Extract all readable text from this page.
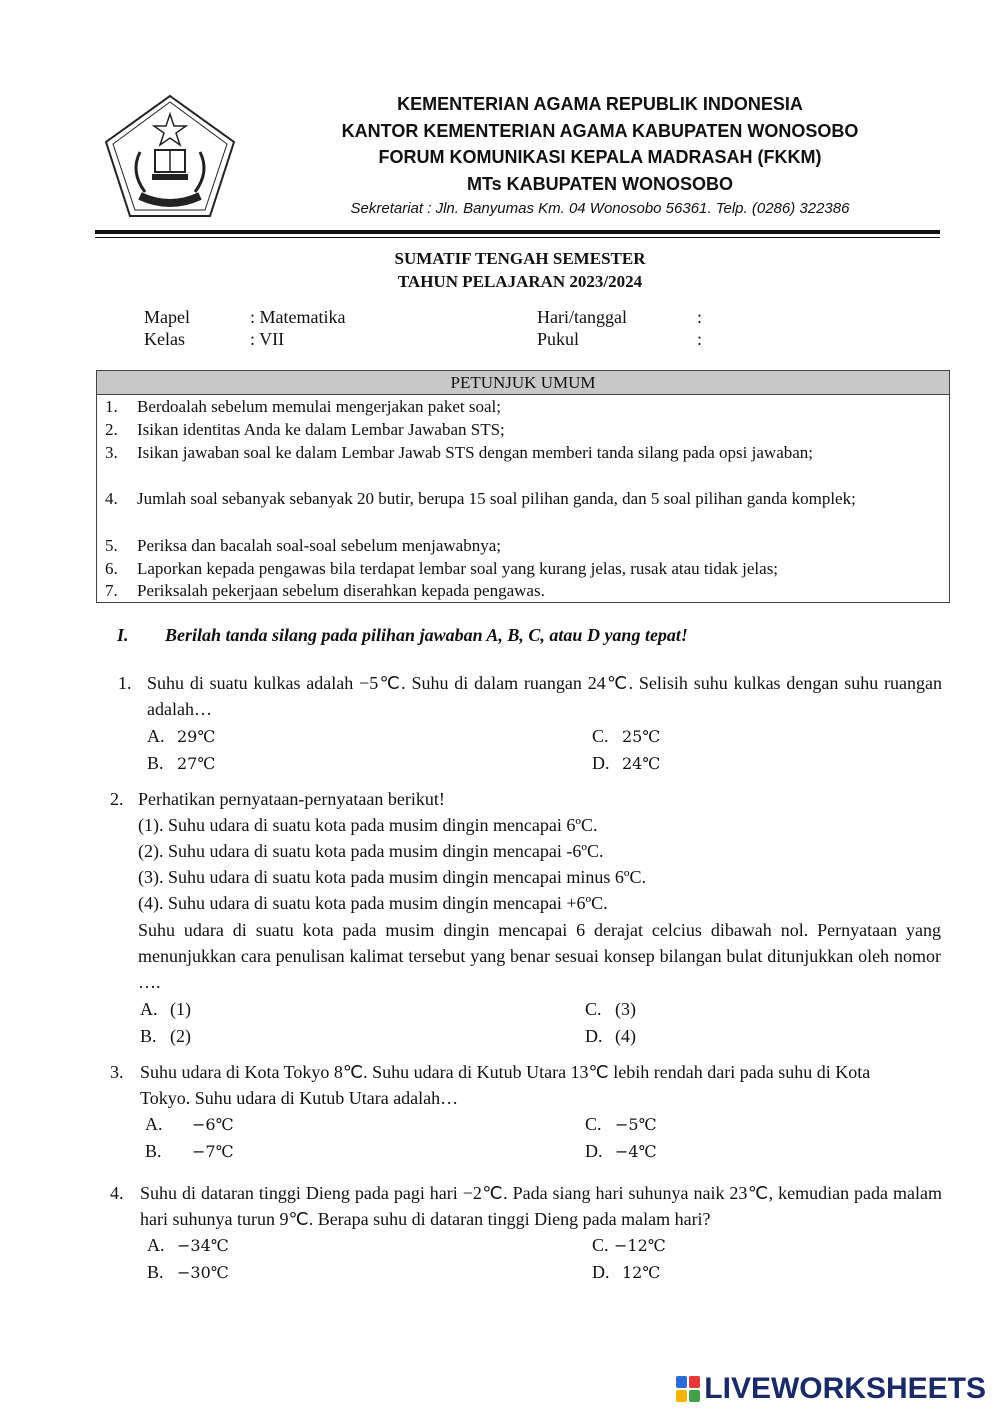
KEMENTERIAN AGAMA REPUBLIK INDONESIA
KANTOR KEMENTERIAN AGAMA KABUPATEN WONOSOBO
FORUM KOMUNIKASI KEPALA MADRASAH (FKKM)
MTs KABUPATEN WONOSOBO
Sekretariat : Jln. Banyumas Km. 04 Wonosobo 56361. Telp. (0286) 322386
SUMATIF TENGAH SEMESTER
TAHUN PELAJARAN 2023/2024
Mapel	: Matematika	Hari/tanggal	:
Kelas	: VII	Pukul	:
PETUNJUK UMUM
1. Berdoalah sebelum memulai mengerjakan paket soal;
2. Isikan identitas Anda ke dalam Lembar Jawaban STS;
3. Isikan jawaban soal ke dalam Lembar Jawab STS dengan memberi tanda silang pada opsi jawaban;
4. Jumlah soal sebanyak sebanyak 20 butir, berupa 15 soal pilihan ganda, dan 5 soal pilihan ganda komplek;
5. Periksa dan bacalah soal-soal sebelum menjawabnya;
6. Laporkan kepada pengawas bila terdapat lembar soal yang kurang jelas, rusak atau tidak jelas;
7. Periksalah pekerjaan sebelum diserahkan kepada pengawas.
I. Berilah tanda silang pada pilihan jawaban A, B, C, atau D yang tepat!
1. Suhu di suatu kulkas adalah −5℃. Suhu di dalam ruangan 24℃. Selisih suhu kulkas dengan suhu ruangan adalah…
A. 29℃
B. 27℃
C. 25℃
D. 24℃
2. Perhatikan pernyataan-pernyataan berikut!
(1). Suhu udara di suatu kota pada musim dingin mencapai 6ºC.
(2). Suhu udara di suatu kota pada musim dingin mencapai -6ºC.
(3). Suhu udara di suatu kota pada musim dingin mencapai minus 6ºC.
(4). Suhu udara di suatu kota pada musim dingin mencapai +6ºC.
Suhu udara di suatu kota pada musim dingin mencapai 6 derajat celcius dibawah nol. Pernyataan yang menunjukkan cara penulisan kalimat tersebut yang benar sesuai konsep bilangan bulat ditunjukkan oleh nomor ….
A. (1)
B. (2)
C. (3)
D. (4)
3. Suhu udara di Kota Tokyo 8℃. Suhu udara di Kutub Utara 13℃ lebih rendah dari pada suhu di Kota Tokyo. Suhu udara di Kutub Utara adalah…
A. −6℃
B. −7℃
C. −5℃
D. −4℃
4. Suhu di dataran tinggi Dieng pada pagi hari −2℃. Pada siang hari suhunya naik 23℃, kemudian pada malam hari suhunya turun 9℃. Berapa suhu di dataran tinggi Dieng pada malam hari?
A. −34℃
B. −30℃
C. −12℃
D. 12℃
LIVEWORKSHEETS
